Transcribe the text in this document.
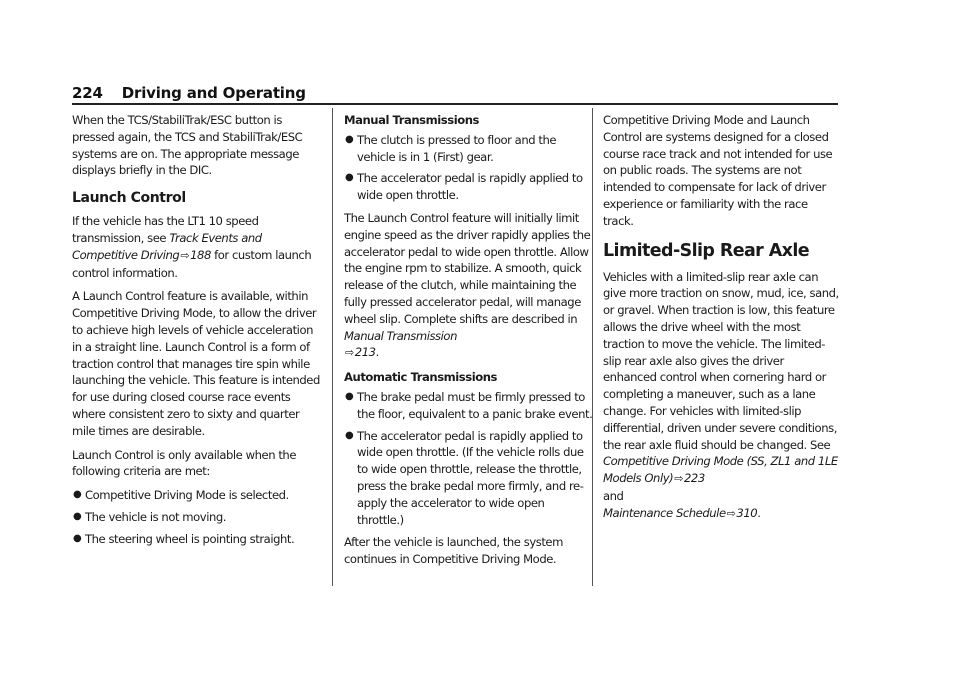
224 Driving and Operating

When the TCS/StabiliTrak/ESC button is pressed again, the TCS and StabiliTrak/ESC systems are on. The appropriate message displays briefly in the DIC.

Launch Control

If the vehicle has the LT1 10 speed transmission, see Track Events and Competitive Driving⇨188 for custom launch control information.

A Launch Control feature is available, within Competitive Driving Mode, to allow the driver to achieve high levels of vehicle acceleration in a straight line. Launch Control is a form of traction control that manages tire spin while launching the vehicle. This feature is intended for use during closed course race events where consistent zero to sixty and quarter mile times are desirable.

Launch Control is only available when the following criteria are met:

● Competitive Driving Mode is selected.
● The vehicle is not moving.
● The steering wheel is pointing straight.
Manual Transmissions
● The clutch is pressed to floor and the vehicle is in 1 (First) gear.
● The accelerator pedal is rapidly applied to wide open throttle.

The Launch Control feature will initially limit engine speed as the driver rapidly applies the accelerator pedal to wide open throttle. Allow the engine rpm to stabilize. A smooth, quick release of the clutch, while maintaining the fully pressed accelerator pedal, will manage wheel slip. Complete shifts are described in Manual Transmission
⇨213.

Automatic Transmissions
● The brake pedal must be firmly pressed to the floor, equivalent to a panic brake event.
● The accelerator pedal is rapidly applied to wide open throttle. (If the vehicle rolls due to wide open throttle, release the throttle, press the brake pedal more firmly, and re-apply the accelerator to wide open throttle.)

After the vehicle is launched, the system continues in Competitive Driving Mode.

Competitive Driving Mode and Launch Control are systems designed for a closed course race track and not intended for use on public roads. The systems are not intended to compensate for lack of driver experience or familiarity with the race track.

Limited-Slip Rear Axle

Vehicles with a limited-slip rear axle can give more traction on snow, mud, ice, sand, or gravel. When traction is low, this feature allows the drive wheel with the most traction to move the vehicle. The limited-slip rear axle also gives the driver enhanced control when cornering hard or completing a maneuver, such as a lane change. For vehicles with limited-slip differential, driven under severe conditions, the rear axle fluid should be changed. See Competitive Driving Mode (SS, ZL1 and 1LE Models Only)⇨223
and
Maintenance Schedule⇨310.
